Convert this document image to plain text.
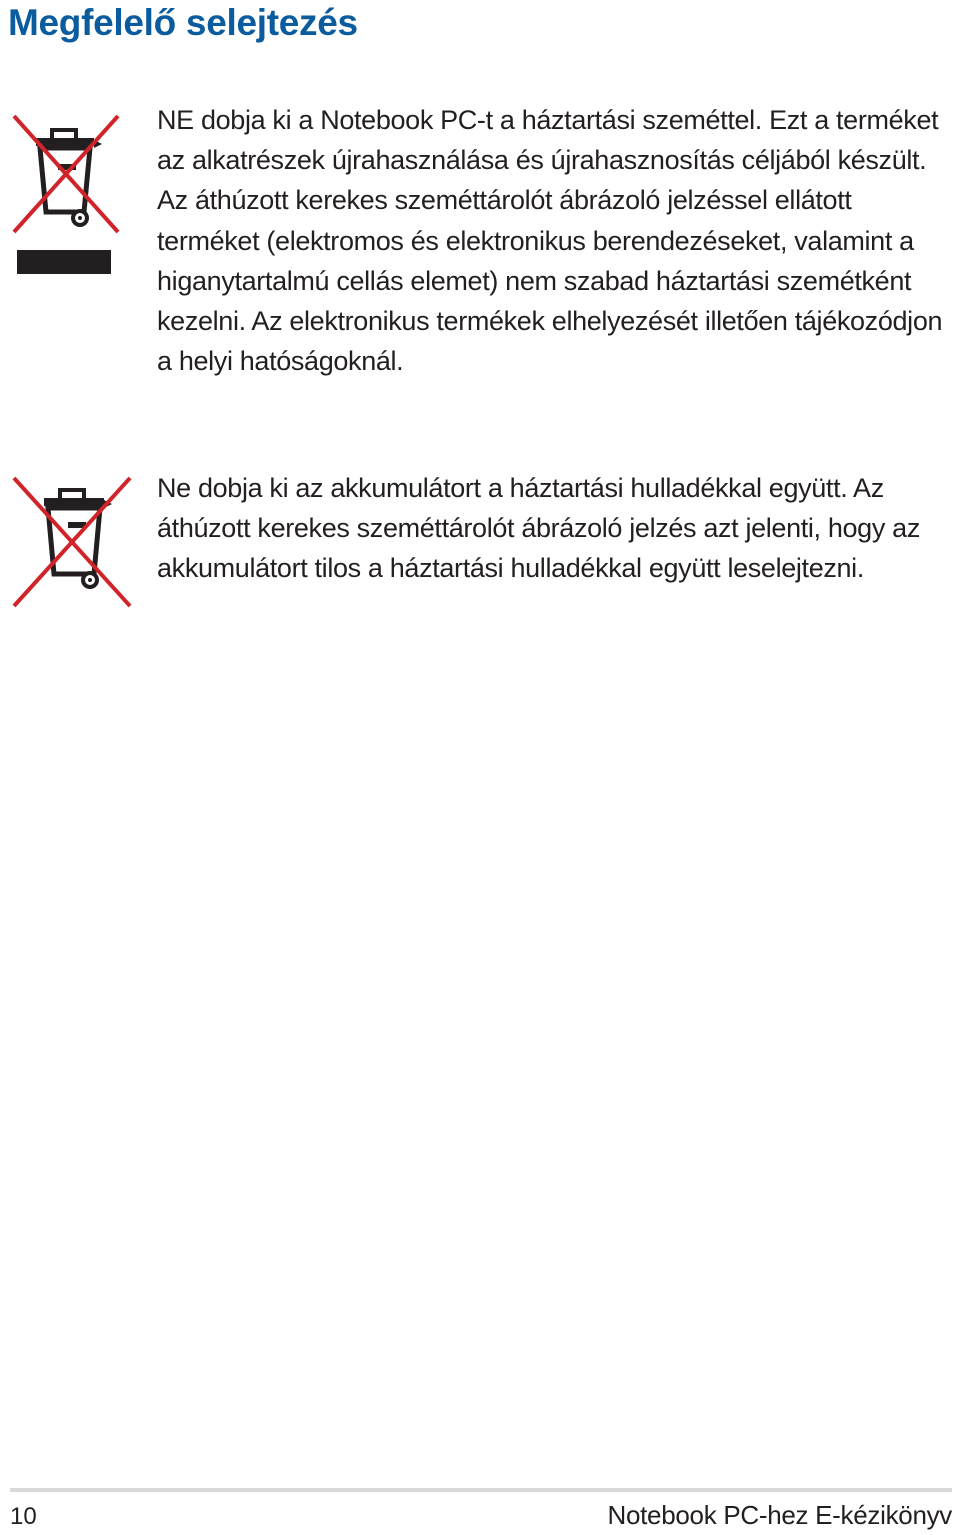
Megfelelő selejtezés

NE dobja ki a Notebook PC-t a háztartási szeméttel. Ezt a terméket az alkatrészek újrahasználása és újrahasznosítás céljából készült. Az áthúzott kerekes szeméttárolót ábrázoló jelzéssel ellátott terméket (elektromos és elektronikus berendezéseket, valamint a higanytartalmú cellás elemet) nem szabad háztartási szemétként kezelni. Az elektronikus termékek elhelyezését illetően tájékozódjon a helyi hatóságoknál.

Ne dobja ki az akkumulátort a háztartási hulladékkal együtt. Az áthúzott kerekes szeméttárolót ábrázoló jelzés azt jelenti, hogy az akkumulátort tilos a háztartási hulladékkal együtt leselejtezni.

10	Notebook PC-hez E-kézikönyv
